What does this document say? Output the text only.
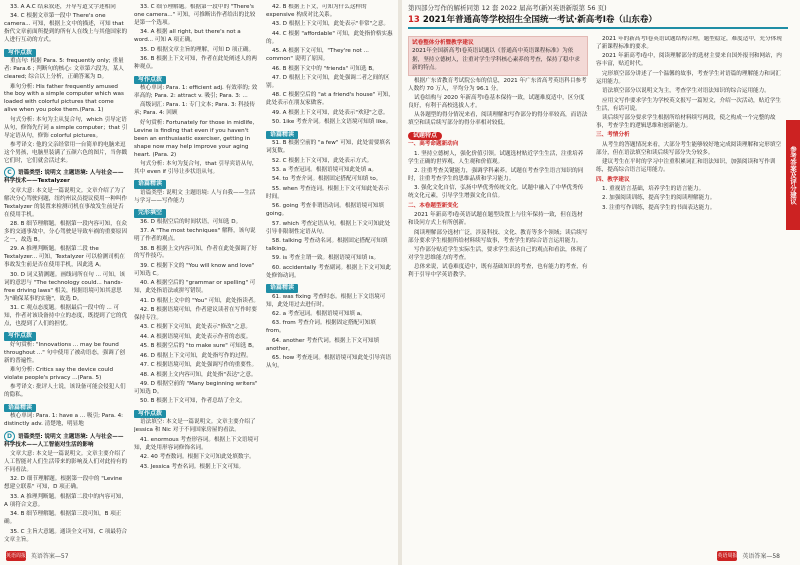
33. A A.C 结束叙述，开导写道文字述相同

34. C 根据文章第一段中 There's one camera... 可知，根据上文中的描述，可知 that 指代文章前面所提到的所有人在线上与其他国家的人进行互动的方式。

写作点拨

重点句: 根据 Para. 5: frequently only; 重量者: Para.6 ; 判断句的核心: 文章第六段为，某人 cleared; 综合以上分析，正确答案为 D。

难句分析: His father frequently amused the boy with a simple computer which was loaded with colorful pictures that come alive when you poke them.(Para. 1)

句式分析: 本句为主从复合句，which 引导定语从句，修饰先行词 a simple computer；that 引导定语从句，修饰 colorful pictures。

参考译文: 他的父亲经常用一台简单的电脑来逗这个男孩，电脑里装满了五颜六色的图片，当你戳它们时，它们就会活过来。

C 语篇类型: 说明文 主题语境: 人与社会——科学技术——Textalyzer

文章大意: 本文是一篇说明文。文章介绍了为了解决分心驾驶问题，纽约州议员提议使用一种叫作 Textalyzer 的装置来检测司机在事故发生前是否在使用手机。

28. B 细节理解题。根据第一段内容可知，在众多的交通事故中，分心驾驶是导致车祸的重要原因之一，故选 B。

29. A 推理判断题。根据第二段 the Textalyzer... 可知，Textalyzer 可以检测司机在事故发生前是否在使用手机，因此选 A。

30. D 词义猜测题。画线词所在句 ... 可知，该词的意思与 "The technology could... hands-free driving laws" 相关，根据语境可知其意思为"确保某事的实施"，故选 D。

31. C 观点态度题。根据最后一段中的 ... 可知，作者对该设备持中立的态度，既提到了它的优点，也提到了人们的担忧。

写作点拨

好句赏析: "Innovations ... may be found throughout ..." 句中使用了被动语态，强调了创新的普遍性。

难句分析: Critics say the device could violate people's privacy ...(Para. 5)

参考译文: 批评人士说，该设备可能会侵犯人们的隐私。

语篇精读

核心单词: Para. 1: have a ... 吸引; Para. 4: distinctly adv. 清楚地，明显地

D 语篇类型: 说明文 主题语境: 人与社会——科学技术——人工智能对生活的影响

文章大意: 本文是一篇说明文。文章主要介绍了人工智能对人们生活带来的影响及人们对此持有的不同看法。

32. D 细节理解题。根据第一段中的 "Levine 想建立联系" 可知，D 项正确。

33. A 推理判断题。根据第二段中的内容可知，A 项符合文意。

34. B 细节理解题。根据第三段可知，B 项正确。

35. C 主旨大意题。通读全文可知，C 项最符合文章主旨。

33. C 细节理解题。根据第一段中的 "There's one camera..." 可知，可推断出作者给出的比较是第一个选项。

34. A 根据 all right, but there's not a word... 可知 A 项正确。

35. D 根据文章主旨的理解，可知 D 项正确。

36. B 根据上下文可知，作者在此处阐述人的两种观点。

写作点拨

核心单词: Para. 1: efficient adj. 有效率的; 效率高的; Para. 2: attract v. 吸引; Para. 3: ...

高级词汇: Para. 1: 专门文本; Para. 3: 科技传承; Para. 4: 回顾

好句赏析: Fortunately for those in midlife, Levine is finding that even if you haven't been an enthusiastic exerciser, getting in shape now may help improve your aging heart. (Para. 2)

句式分析: 本句为复合句，that 引导宾语从句，其中 even if 引导让步状语从句。

语篇精读

语篇类型: 说明文 主题语境: 人与自我——生活与学习——写作能力

完形填空

36. D 根据空后的时间状语，可知选 D。

37. A "The most techniques" 解释，该句说明了作者的观点。

38. B 根据上文内容可知，作者在此处强调了好的写作技巧。

39. C 根据下文的 "You will know and love" 可知选 C。

40. A 根据空后的 "grammar or spelling" 可知，此处指语法或拼写错误。

41. D 根据上文中的 "You" 可知，此处指读者。

42. B 根据语境可知，作者建议读者在写作时要保持专注。

43. C 根据下文可知，此处表示"修改"之意。

44. A 根据语境可知，此处表示作者的态度。

45. B 根据空后的 "to make sure" 可知选 B。

46. D 根据上下文可知，此处指写作的过程。

47. C 根据语境可知，此处强调写作的重要性。

48. A 根据上文内容可知，此处指"表达"之意。

49. D 根据空前的 "Many beginning writers" 可知选 D。

50. B 根据上下文可知，作者总结了全文。

写作点拨

语法填空: 本文是一篇说明文。文章主要介绍了 Jessica 和 Nic 对于不同国家房屋的看法。

41. enormous 考查形容词。根据上下文语境可知，此处用形容词修饰名词。

42. 40 考查数词。根据下文可知此处填数字。

43. Jessica 考查名词。根据上下文可知。

42. B 根据上下文，可知为什么这样的 expensive 构成对比关系。

43. D 根据上下文可知，此处表示"非常"之意。

44. C 根据 "affordable" 可知，此处指价格实惠的。

45. A 根据下文可知，"They're not ... common" 说明了原因。

46. B 根据下文中的 "friends" 可知选 B。

47. D 根据上下文可知，此处强调二者之间的区别。

48. C 根据空后的 "at a friend's house" 可知，此处表示在朋友家做客。

49. A 根据上下文可知，此处表示"欢迎"之意。

50. 1ike 考查介词。根据上文语境可知填 like。

语篇精读

51. B 根据空前的 "a few" 可知，此处需要填名词复数。

52. C 根据上下文可知，此处表示方式。

53. a 考查冠词。根据语境可知此处填 a。

54. to 考查介词。根据固定搭配可知填 to。

55. when 考查连词。根据上下文可知此处表示时间。

56. going 考查非谓语动词。根据语境可知填 going。

57. which 考查定语从句。根据上下文可知此处引导非限制性定语从句。

58. talking 考查动名词。根据固定搭配可知填 talking。

59. is 考查主谓一致。根据语境可知填 is。

60. accidentally 考查副词。根据上下文可知此处修饰动词。

语篇精读

61. was fixing 考查时态。根据上下文语境可知，此处用过去进行时。

62. a 考查冠词。根据语境可知填 a。

63. from 考查介词。根据固定搭配可知填 from。

64. another 考查代词。根据上下文可知填 another。

65. how 考查连词。根据语境可知此处引导宾语从句。

英语周报 英语答案—57
第四部分写作的解析同第 12 套 2022 届高考(新)(英语新版第 56 页)
13 2021年普通高等学校招生全国统一考试·新高考Ⅰ卷（山东卷）
试卷整体分析暨教学建议
2021年全国新高考Ⅰ卷英语试题以《普通高中英语课程标准》为依据，坚持立德树人，注重对学生学科核心素养的考查，保持了稳中求新的特点。

根据广东省教育考试院公布的信息，2021 年广东省高考英语科目参考人数约 70 万人，平均分为 96.1 分。

试卷结构与 2020 年新高考Ⅰ卷基本保持一致，试题难度适中，区分度良好，有利于高校选拔人才。

从各题型的得分情况来看，阅读理解和写作部分的得分率较高，而语法填空和读后续写部分的得分率相对较低。

试题特点

一、高考命题新动向

1. 坚持立德树人，强化价值引领。试题选材贴近学生生活，注重培养学生正确的世界观、人生观和价值观。

2. 注重考查关键能力，强调学科素养。试题在考查学生语言知识的同时，注重考查学生的思维品质和学习能力。

3. 强化文化自信，弘扬中华优秀传统文化。试题中融入了中华优秀传统文化元素，引导学生增强文化自信。

二、本卷题型新变化

2021 年新高考Ⅰ卷英语试题在题型设置上与往年保持一致，但在选材和设问方式上有所创新。

阅读理解部分选材广泛，涉及科技、文化、教育等多个领域；读后续写部分要求学生根据所给材料续写故事，考查学生的综合语言运用能力。

写作部分贴近学生实际生活，要求学生表达自己的观点和看法，体现了对学生思维能力的考查。

总体来说，试卷难度适中，既有基础知识的考查，也有能力的考查，有利于引导中学英语教学。

2021 年的新高考Ⅰ卷英语试题结构合理，题型稳定，难度适中，充分体现了新课程标准的要求。

2021 年新高考Ⅰ卷中，阅读理解部分的选材主要来自国外报刊和网站，内容丰富，贴近时代。

完形填空部分讲述了一个温馨的故事，考查学生对语篇的理解能力和词汇运用能力。

语法填空部分以说明文为主，考查学生对语法知识的综合运用能力。

应用文写作要求学生为学校英文报写一篇短文，介绍一次活动，贴近学生生活，有话可说。

读后续写部分要求学生根据所给材料续写两段，使之构成一个完整的故事，考查学生的逻辑思维和创新能力。

三、考情分析

从考生的答题情况来看，大部分考生能够较好地完成阅读理解和完形填空部分，但在语法填空和读后续写部分失分较多。

建议考生在平时的学习中注重积累词汇和语法知识，加强阅读和写作训练，提高综合语言运用能力。

四、教学建议

1. 重视语言基础，培养学生的语言能力。

2. 加强阅读训练，提高学生的阅读理解能力。

3. 注重写作训练，提高学生的书面表达能力。

参考答案及评分建议
英语周报 英语答案—58
